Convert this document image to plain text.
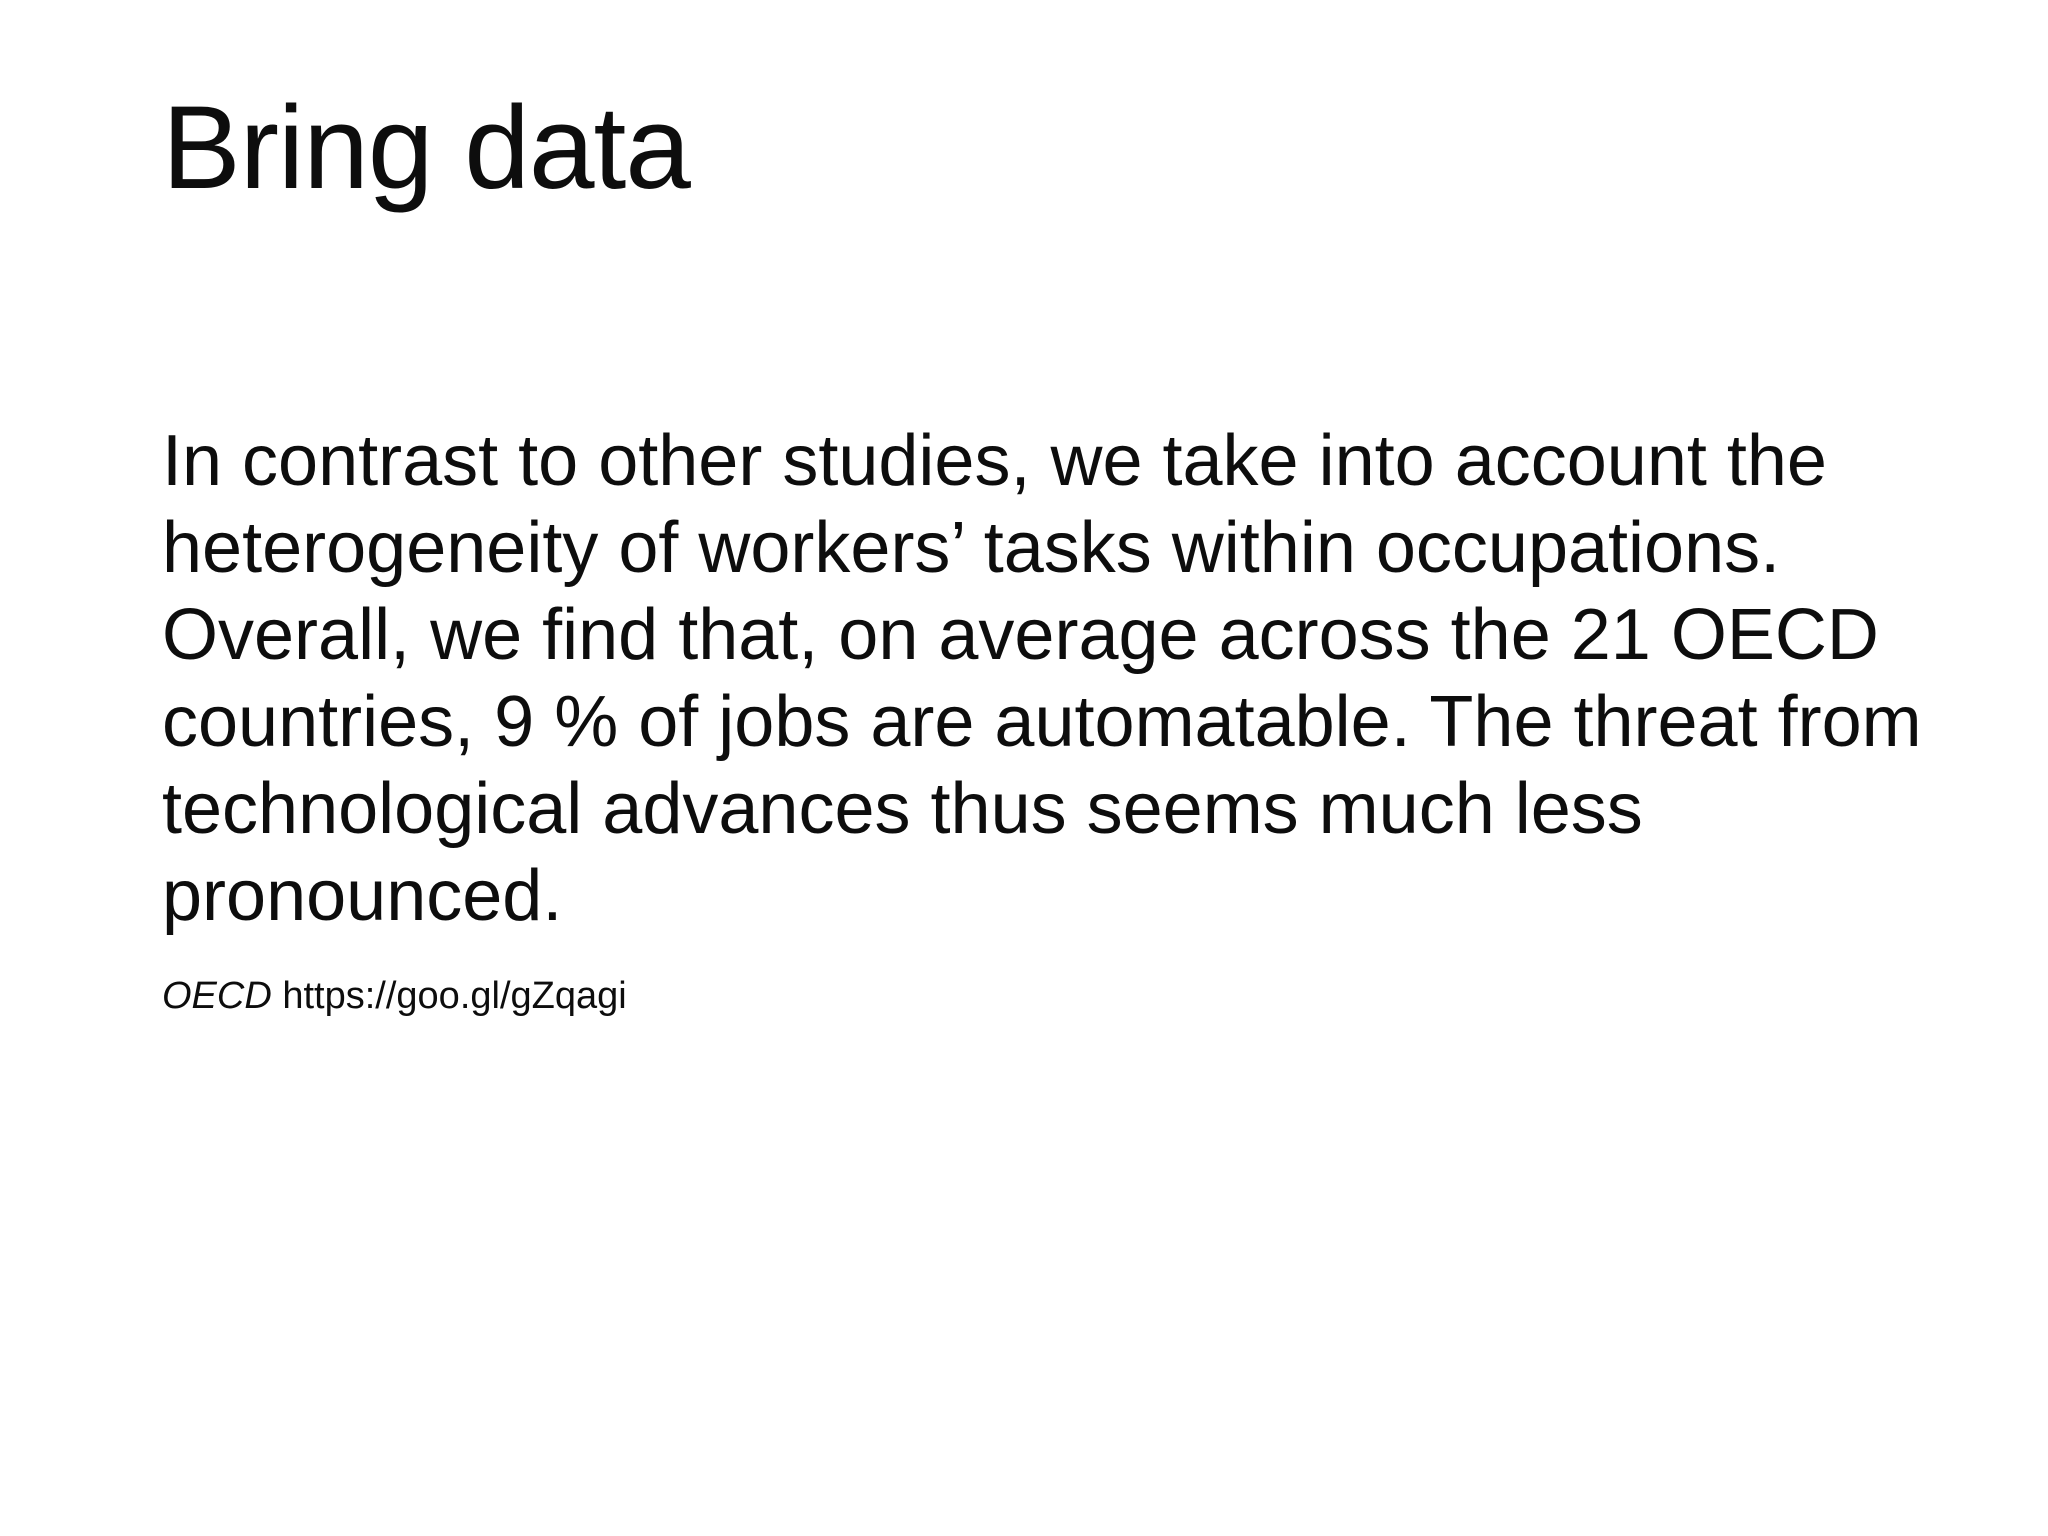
Bring data

In contrast to other studies, we take into account the heterogeneity of workers’ tasks within occupations. Overall, we find that, on average across the 21 OECD countries, 9 % of jobs are automatable. The threat from technological advances thus seems much less pronounced.

OECD https://goo.gl/gZqagi
